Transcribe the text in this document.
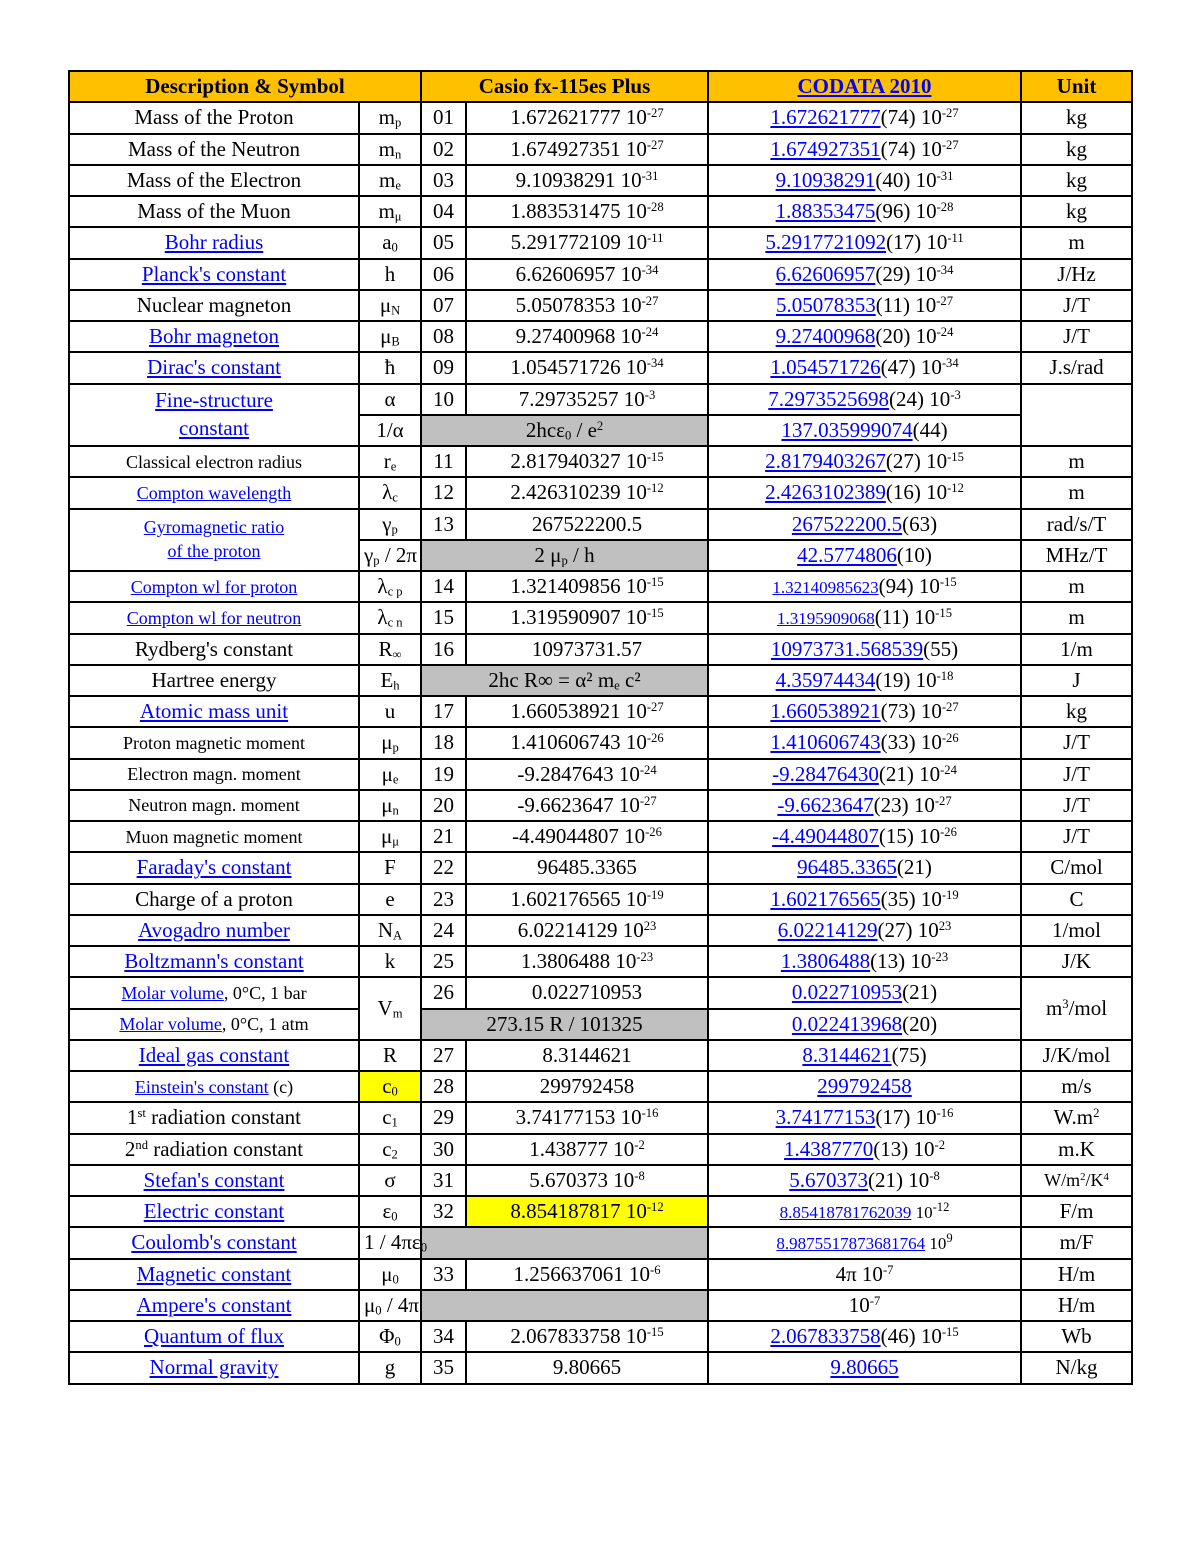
Description & Symbol		Casio fx-115es Plus		CODATA 2010	Unit
Mass of the Proton	$m_p$	01	1.672621777 $10^{-27}$	1.672621777(74) $10^{-27}$	kg
Mass of the Neutron	$m_n$	02	1.674927351 $10^{-27}$	1.674927351(74) $10^{-27}$	kg
Mass of the Electron	$m_e$	03	9.10938291 $10^{-31}$	9.10938291(40) $10^{-31}$	kg
Mass of the Muon	$m_\mu$	04	1.883531475 $10^{-28}$	1.88353475(96) $10^{-28}$	kg
Bohr radius	$a_0$	05	5.291772109 $10^{-11}$	5.2917721092(17) $10^{-11}$	m
Planck's constant	h	06	6.62606957 $10^{-34}$	6.62606957(29) $10^{-34}$	J/Hz
Nuclear magneton	$\mu_N$	07	5.05078353 $10^{-27}$	5.05078353(11) $10^{-27}$	J/T
Bohr magneton	$\mu_B$	08	9.27400968 $10^{-24}$	9.27400968(20) $10^{-24}$	J/T
Dirac's constant	ħ	09	1.054571726 $10^{-34}$	1.054571726(47) $10^{-34}$	J.s/rad
Fine-structure
constant	α	10	7.29735257 $10^{-3}$	7.2973525698(24) $10^{-3}$	
	1/α	$2hc\varepsilon_0 / e^2$		137.035999074(44)	
Classical electron radius	$r_e$	11	2.817940327 $10^{-15}$	2.8179403267(27) $10^{-15}$	m
Compton wavelength	$\lambda_c$	12	2.426310239 $10^{-12}$	2.4263102389(16) $10^{-12}$	m
Gyromagnetic ratio
of the proton	$\gamma_p$	13	267522200.5	267522200.5(63)	rad/s/T
	$\gamma_p / 2\pi$	2 $\mu_p$ / h		42.5774806(10)	MHz/T
Compton wl for proton	$\lambda_{c p}$	14	1.321409856 $10^{-15}$	1.32140985623(94) $10^{-15}$	m
Compton wl for neutron	$\lambda_{c n}$	15	1.319590907 $10^{-15}$	1.3195909068(11) $10^{-15}$	m
Rydberg's constant	$R_\infty$	16	10973731.57	10973731.568539(55)	1/m
Hartree energy	$E_h$	2hc R∞ = α² $m_e$ c²		4.35974434(19) $10^{-18}$	J
Atomic mass unit	u	17	1.660538921 $10^{-27}$	1.660538921(73) $10^{-27}$	kg
Proton magnetic moment	$\mu_p$	18	1.410606743 $10^{-26}$	1.410606743(33) $10^{-26}$	J/T
Electron magn. moment	$\mu_e$	19	-9.2847643 $10^{-24}$	-9.28476430(21) $10^{-24}$	J/T
Neutron magn. moment	$\mu_n$	20	-9.6623647 $10^{-27}$	-9.6623647(23) $10^{-27}$	J/T
Muon magnetic moment	$\mu_\mu$	21	-4.49044807 $10^{-26}$	-4.49044807(15) $10^{-26}$	J/T
Faraday's constant	F	22	96485.3365	96485.3365(21)	C/mol
Charge of a proton	e	23	1.602176565 $10^{-19}$	1.602176565(35) $10^{-19}$	C
Avogadro number	$N_A$	24	6.02214129 $10^{23}$	6.02214129(27) $10^{23}$	1/mol
Boltzmann's constant	k	25	1.3806488 $10^{-23}$	1.3806488(13) $10^{-23}$	J/K
Molar volume, 0°C, 1 bar	$V_m$	26	0.022710953	0.022710953(21)	$m^3$/mol
Molar volume, 0°C, 1 atm		273.15 R / 101325		0.022413968(20)	
Ideal gas constant	R	27	8.3144621	8.3144621(75)	J/K/mol
Einstein's constant (c)	$c_0$	28	299792458	299792458	m/s
1st radiation constant	$c_1$	29	3.74177153 $10^{-16}$	3.74177153(17) $10^{-16}$	$W.m^2$
2nd radiation constant	$c_2$	30	1.438777 $10^{-2}$	1.4387770(13) $10^{-2}$	m.K
Stefan's constant	σ	31	5.670373 $10^{-8}$	5.670373(21) $10^{-8}$	$W/m^2/K^4$
Electric constant	$\varepsilon_0$	32	8.854187817 $10^{-12}$	8.85418781762039 $10^{-12}$	F/m
Coulomb's constant	$1 / 4\pi\varepsilon_0$			8.9875517873681764 $10^9$	m/F
Magnetic constant	$\mu_0$	33	1.256637061 $10^{-6}$	4π $10^{-7}$	H/m
Ampere's constant	$\mu_0 / 4\pi$			$10^{-7}$	H/m
Quantum of flux	$\Phi_0$	34	2.067833758 $10^{-15}$	2.067833758(46) $10^{-15}$	Wb
Normal gravity	g	35	9.80665	9.80665	N/kg
